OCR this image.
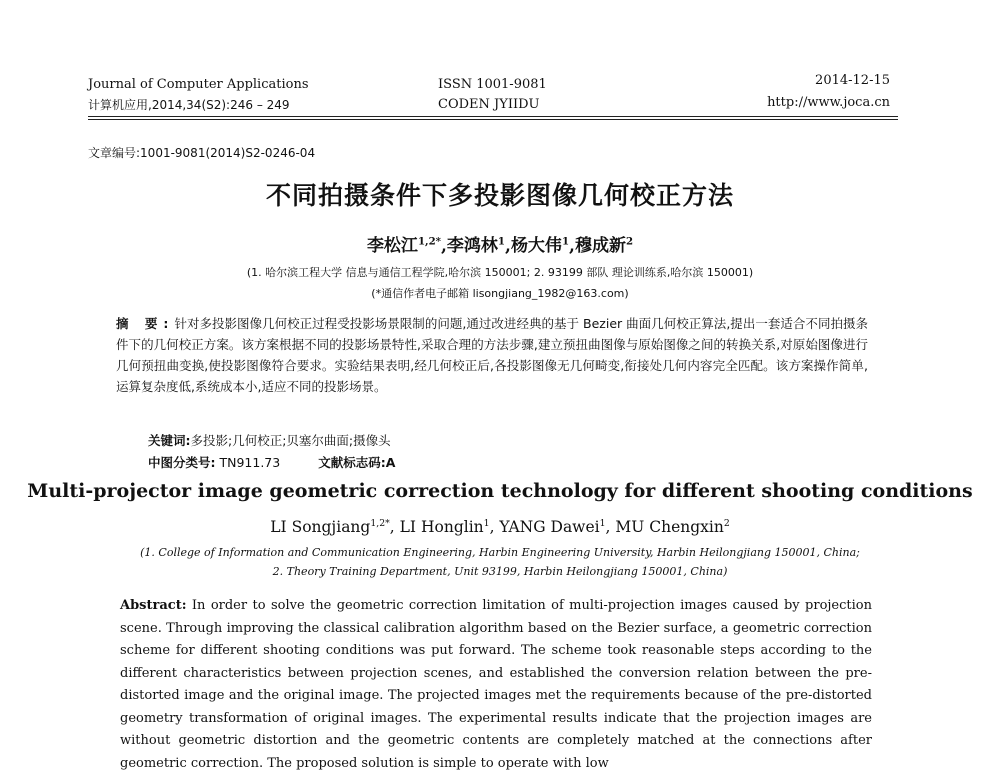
Journal of Computer Applications
计算机应用,2014,34(S2):246 – 249
ISSN 1001-9081
CODEN JYIIDU
2014-12-15
http://www.joca.cn
文章编号:1001-9081(2014)S2-0246-04
不同拍摄条件下多投影图像几何校正方法
李松江$^{1,2*}$,李鸿林$^1$,杨大伟$^1$,穆成新$^2$
(1. 哈尔滨工程大学 信息与通信工程学院,哈尔滨 150001; 2. 93199 部队 理论训练系,哈尔滨 150001)
(*通信作者电子邮箱 lisongjiang_1982@163.com)
摘 要:针对多投影图像几何校正过程受投影场景限制的问题,通过改进经典的基于 Bezier 曲面几何校正算法,提出一套适合不同拍摄条件下的几何校正方案。该方案根据不同的投影场景特性,采取合理的方法步骤,建立预扭曲图像与原始图像之间的转换关系,对原始图像进行几何预扭曲变换,使投影图像符合要求。实验结果表明,经几何校正后,各投影图像无几何畸变,衔接处几何内容完全匹配。该方案操作简单,运算复杂度低,系统成本小,适应不同的投影场景。
关键词:多投影;几何校正;贝塞尔曲面;摄像头
中图分类号: TN911.73	文献标志码:A
Multi-projector image geometric correction technology for different shooting conditions
LI Songjiang$^{1,2*}$, LI Honglin$^1$, YANG Dawei$^1$, MU Chengxin$^2$
(1. College of Information and Communication Engineering, Harbin Engineering University, Harbin Heilongjiang 150001, China;
2. Theory Training Department, Unit 93199, Harbin Heilongjiang 150001, China)
Abstract: In order to solve the geometric correction limitation of multi-projection images caused by projection scene. Through improving the classical calibration algorithm based on the Bezier surface, a geometric correction scheme for different shooting conditions was put forward. The scheme took reasonable steps according to the different characteristics between projection scenes, and established the conversion relation between the pre-distorted image and the original image. The projected images met the requirements because of the pre-distorted geometry transformation of original images. The experimental results indicate that the projection images are without geometric distortion and the geometric contents are completely matched at the connections after geometric correction. The proposed solution is simple to operate with low
